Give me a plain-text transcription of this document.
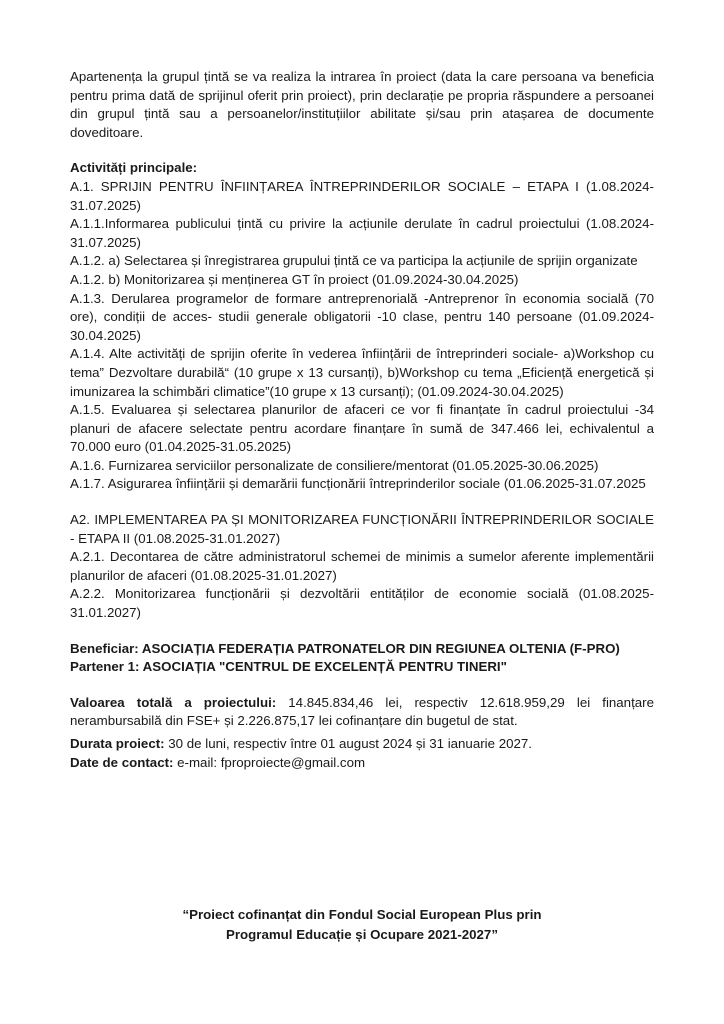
Apartenența la grupul țintă se va realiza la intrarea în proiect (data la care persoana va beneficia pentru prima dată de sprijinul oferit prin proiect), prin declarație pe propria răspundere a persoanei din grupul țintă sau a persoanelor/instituțiilor abilitate și/sau prin atașarea de documente doveditoare.

Activități principale:

A.1. SPRIJIN PENTRU ÎNFIINȚAREA ÎNTREPRINDERILOR SOCIALE – ETAPA I (1.08.2024-31.07.2025)

A.1.1.Informarea publicului țintă cu privire la acțiunile derulate în cadrul proiectului (1.08.2024-31.07.2025)

A.1.2. a) Selectarea și înregistrarea grupului țintă ce va participa la acțiunile de sprijin organizate

A.1.2. b) Monitorizarea și menținerea GT în proiect (01.09.2024-30.04.2025)

A.1.3. Derularea programelor de formare antreprenorială -Antreprenor în economia socială (70 ore), condiții de acces- studii generale obligatorii -10 clase, pentru 140 persoane (01.09.2024-30.04.2025)

A.1.4. Alte activități de sprijin oferite în vederea înființării de întreprinderi sociale- a)Workshop cu tema” Dezvoltare durabilă“ (10 grupe x 13 cursanți), b)Workshop cu tema „Eficiență energetică și imunizarea la schimbări climatice”(10 grupe x 13 cursanți); (01.09.2024-30.04.2025)

A.1.5. Evaluarea și selectarea planurilor de afaceri ce vor fi finanțate în cadrul proiectului -34 planuri de afacere selectate pentru acordare finanțare în sumă de 347.466 lei, echivalentul a 70.000 euro (01.04.2025-31.05.2025)

A.1.6. Furnizarea serviciilor personalizate de consiliere/mentorat (01.05.2025-30.06.2025)

A.1.7. Asigurarea înființării și demarării funcționării întreprinderilor sociale (01.06.2025-31.07.2025

A2. IMPLEMENTAREA PA ȘI MONITORIZAREA FUNCȚIONĂRII ÎNTREPRINDERILOR SOCIALE - ETAPA II (01.08.2025-31.01.2027)

A.2.1. Decontarea de către administratorul schemei de minimis a sumelor aferente implementării planurilor de afaceri (01.08.2025-31.01.2027)

A.2.2. Monitorizarea funcționării și dezvoltării entităților de economie socială (01.08.2025-31.01.2027)

Beneficiar: ASOCIAȚIA FEDERAȚIA PATRONATELOR DIN REGIUNEA OLTENIA (F-PRO)

Partener 1: ASOCIAȚIA "CENTRUL DE EXCELENȚĂ PENTRU TINERI"

Valoarea totală a proiectului: 14.845.834,46 lei, respectiv 12.618.959,29 lei finanțare nerambursabilă din FSE+ și 2.226.875,17 lei cofinanțare din bugetul de stat.

Durata proiect: 30 de luni, respectiv între 01 august 2024 și 31 ianuarie 2027.

Date de contact: e-mail: fproproiecte@gmail.com

“Proiect cofinanțat din Fondul Social European Plus prin

Programul Educație și Ocupare 2021-2027”
